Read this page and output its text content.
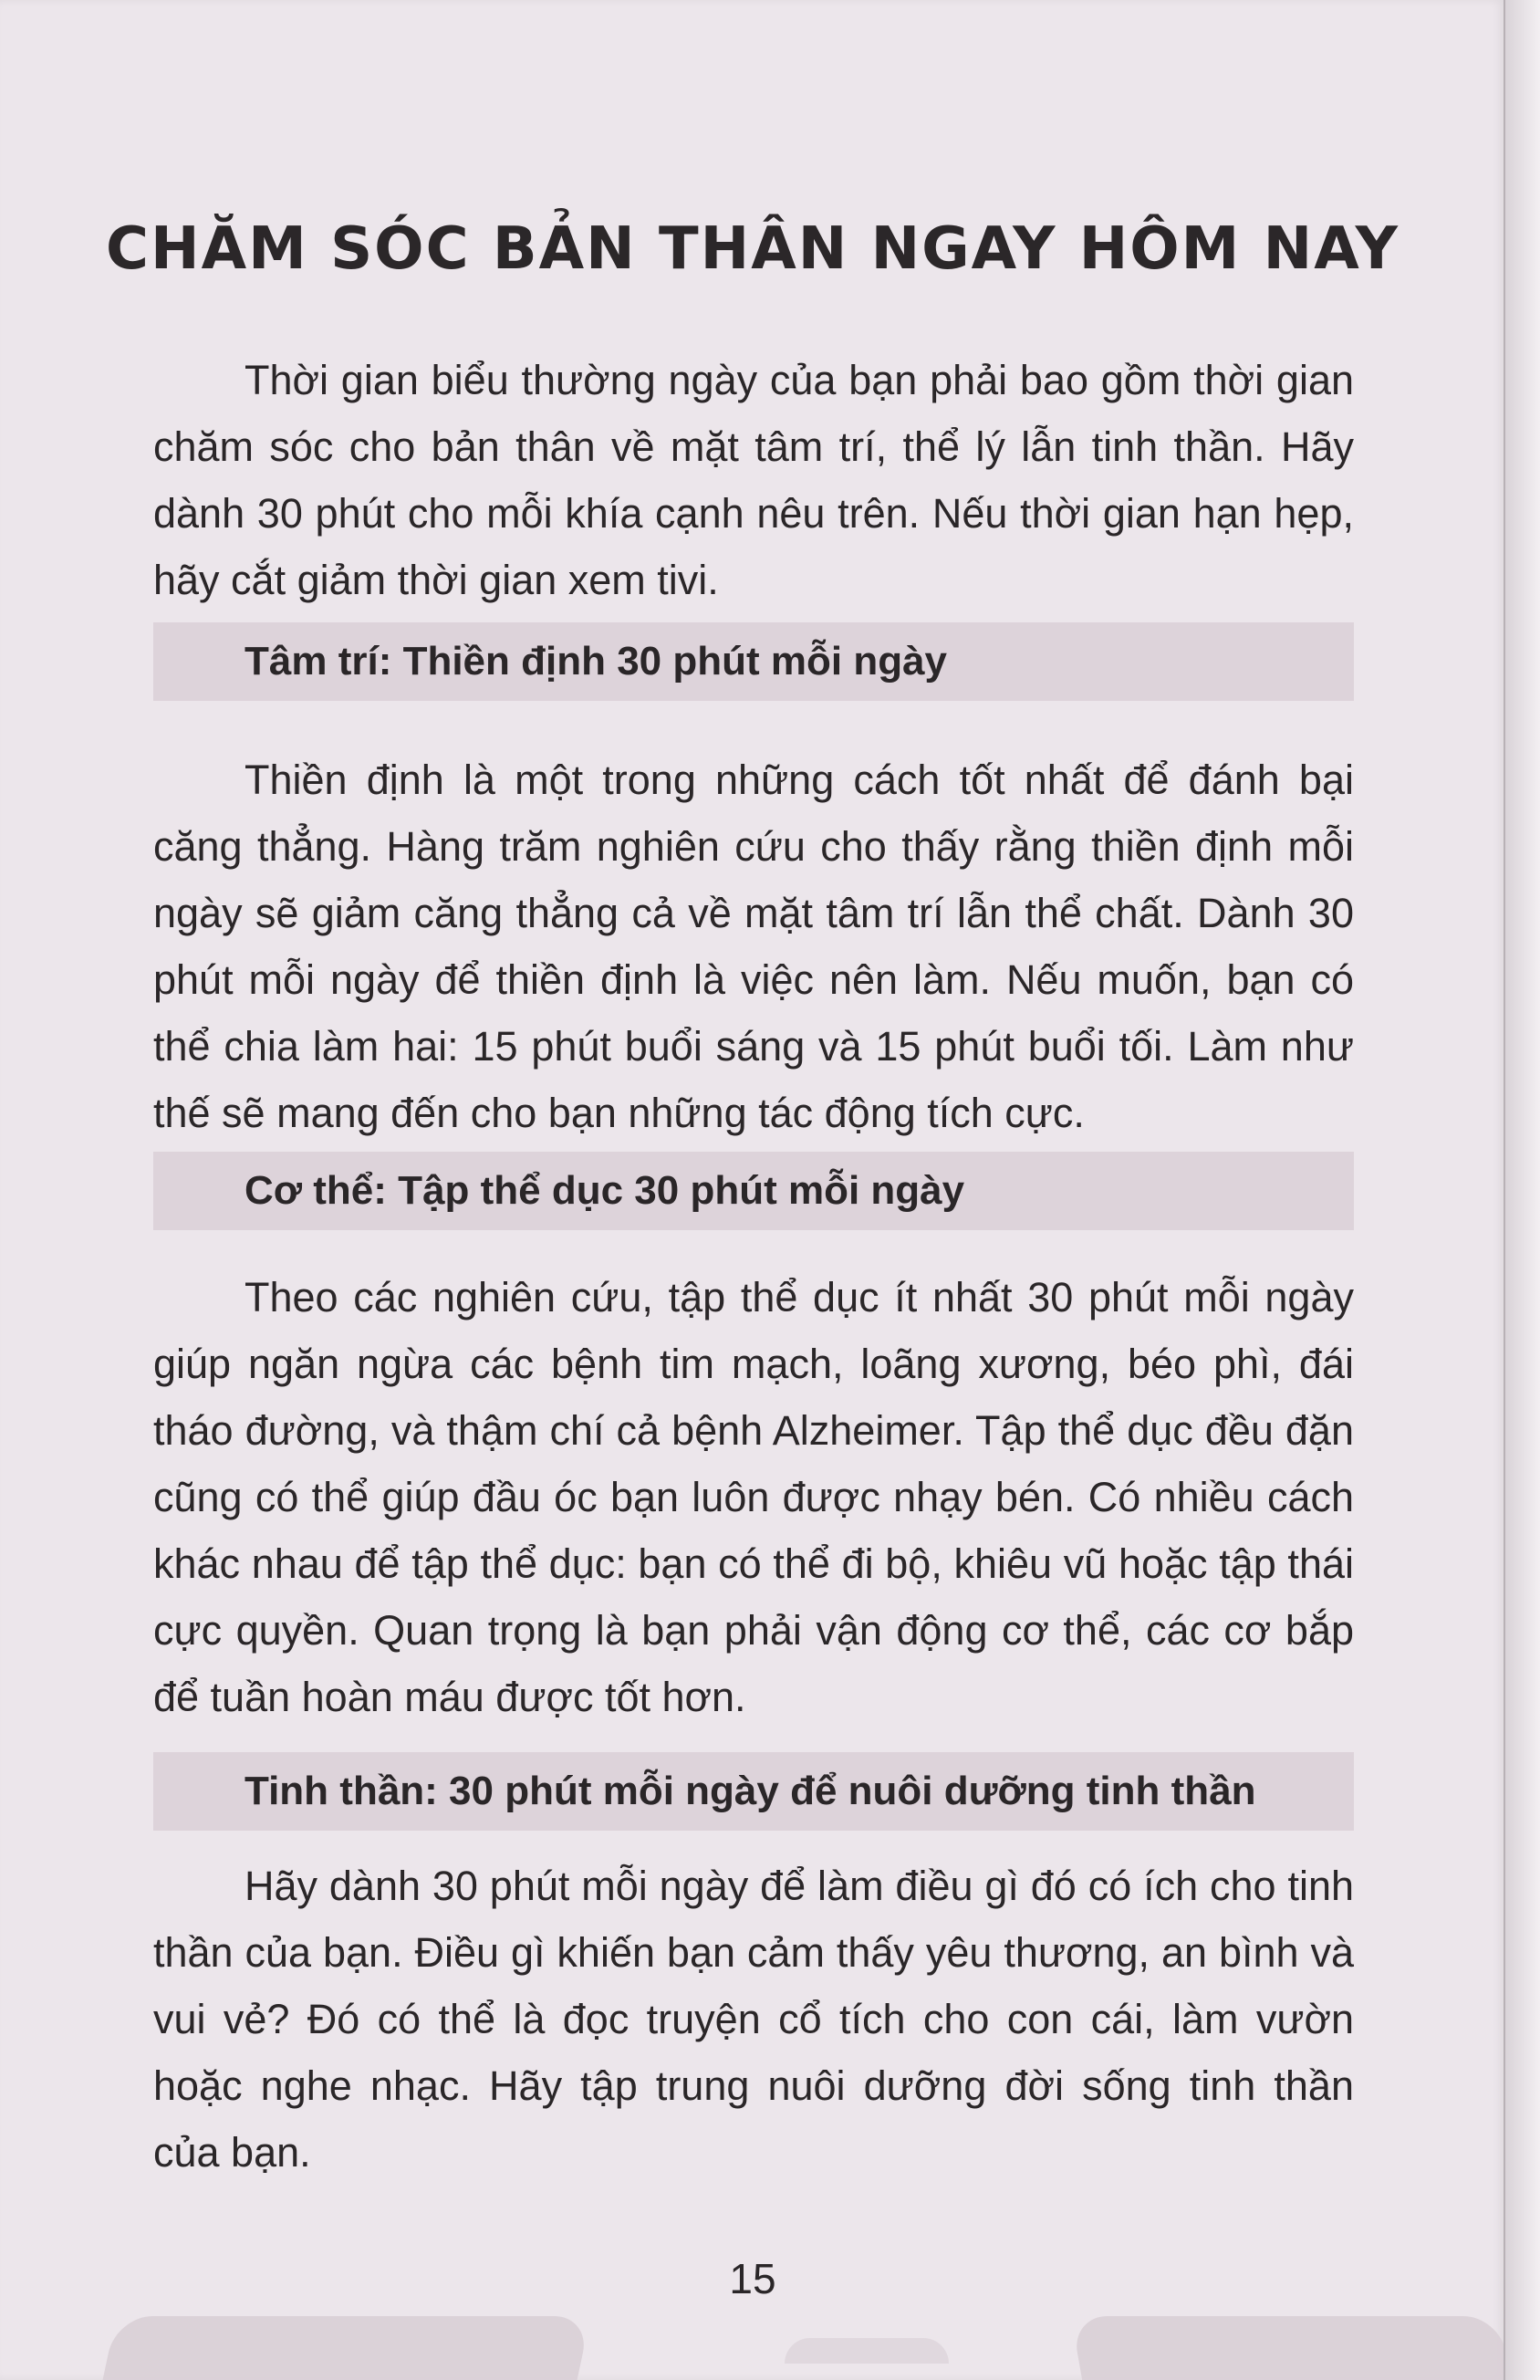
CHĂM SÓC BẢN THÂN NGAY HÔM NAY

Thời gian biểu thường ngày của bạn phải bao gồm thời gian chăm sóc cho bản thân về mặt tâm trí, thể lý lẫn tinh thần. Hãy dành 30 phút cho mỗi khía cạnh nêu trên. Nếu thời gian hạn hẹp, hãy cắt giảm thời gian xem tivi.

Tâm trí: Thiền định 30 phút mỗi ngày

Thiền định là một trong những cách tốt nhất để đánh bại căng thẳng. Hàng trăm nghiên cứu cho thấy rằng thiền định mỗi ngày sẽ giảm căng thẳng cả về mặt tâm trí lẫn thể chất. Dành 30 phút mỗi ngày để thiền định là việc nên làm. Nếu muốn, bạn có thể chia làm hai: 15 phút buổi sáng và 15 phút buổi tối. Làm như thế sẽ mang đến cho bạn những tác động tích cực.

Cơ thể: Tập thể dục 30 phút mỗi ngày

Theo các nghiên cứu, tập thể dục ít nhất 30 phút mỗi ngày giúp ngăn ngừa các bệnh tim mạch, loãng xương, béo phì, đái tháo đường, và thậm chí cả bệnh Alzheimer. Tập thể dục đều đặn cũng có thể giúp đầu óc bạn luôn được nhạy bén. Có nhiều cách khác nhau để tập thể dục: bạn có thể đi bộ, khiêu vũ hoặc tập thái cực quyền. Quan trọng là bạn phải vận động cơ thể, các cơ bắp để tuần hoàn máu được tốt hơn.

Tinh thần: 30 phút mỗi ngày để nuôi dưỡng tinh thần

Hãy dành 30 phút mỗi ngày để làm điều gì đó có ích cho tinh thần của bạn. Điều gì khiến bạn cảm thấy yêu thương, an bình và vui vẻ? Đó có thể là đọc truyện cổ tích cho con cái, làm vườn hoặc nghe nhạc. Hãy tập trung nuôi dưỡng đời sống tinh thần của bạn.

15
